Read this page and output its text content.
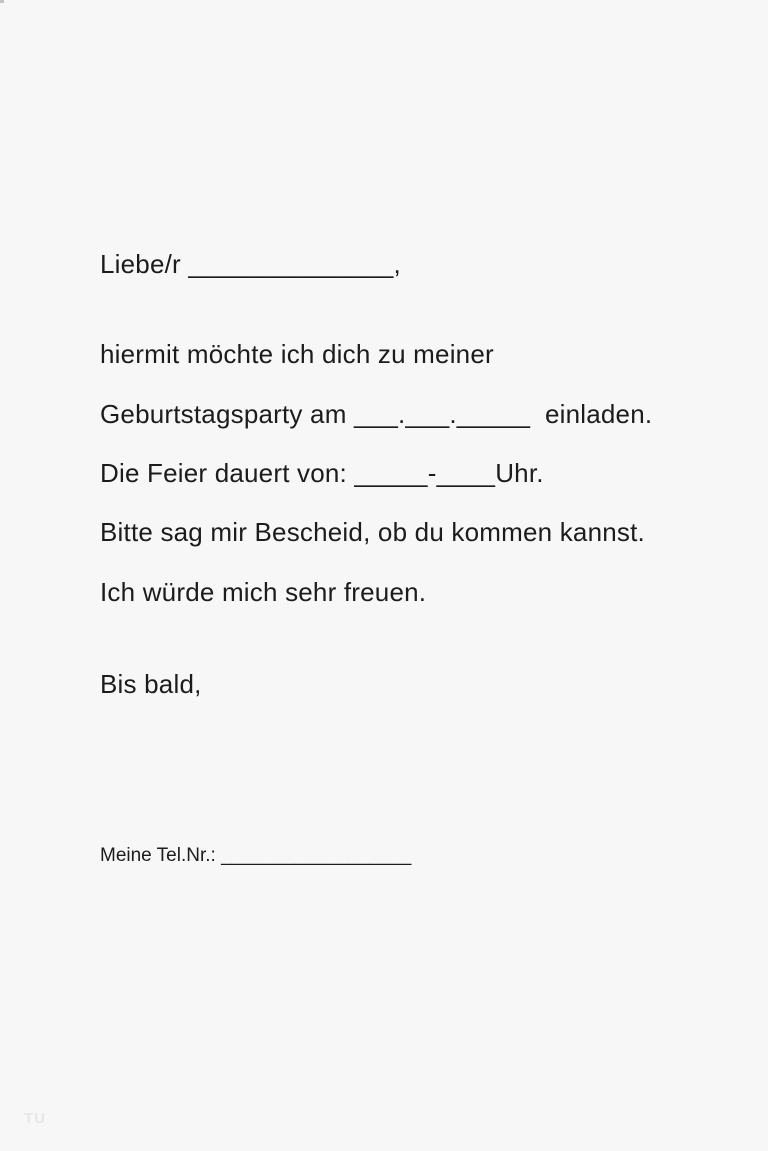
Liebe/r ______________,
hiermit möchte ich dich zu meiner
Geburtstagsparty am ___.___._____  einladen.
Die Feier dauert von: _____-____Uhr.
Bitte sag mir Bescheid, ob du kommen kannst.
Ich würde mich sehr freuen.
Bis bald,
Meine Tel.Nr.: __________________
TU
